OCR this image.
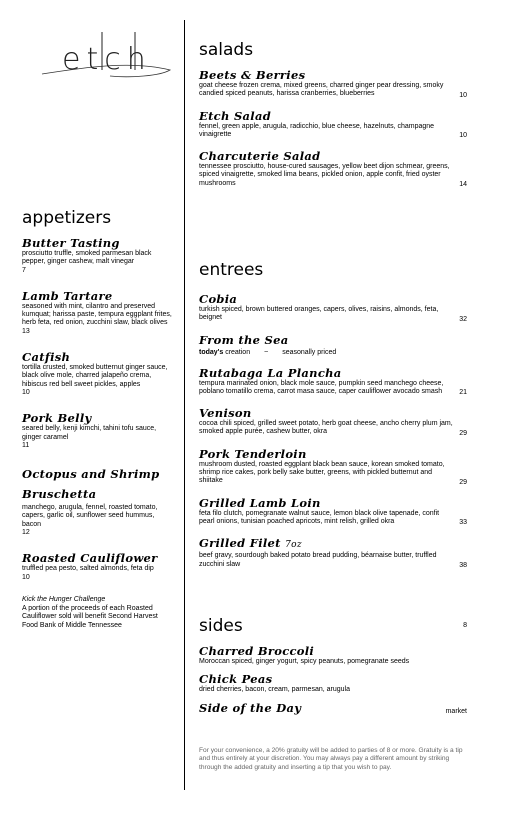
etch	salads

Beets & Berries

goat cheese frozen crema, mixed greens, charred ginger pear dressing, smoky candied spiced peanuts, harissa cranberries, blueberries	10

Etch Salad

fennel, green apple, arugula, radicchio, blue cheese, hazelnuts, champagne vinaigrette	10

Charcuterie Salad

tennessee prosciutto, house-cured sausages, yellow beet dijon schmear, greens, spiced vinaigrette, smoked lima beans, pickled onion, apple confit, fried oyster mushrooms	14
appetizers

Butter Tasting

prosciutto truffle, smoked parmesan black pepper, ginger cashew, malt vinegar

7

Lamb Tartare

seasoned with mint, cilantro and preserved kumquat; harissa paste, tempura eggplant frites, herb feta, red onion, zucchini slaw, black olives

13

Catfish

tortilla crusted, smoked butternut ginger sauce, black olive mole, charred jalapeño crema, hibiscus red bell sweet pickles, apples

10

Pork Belly

seared belly, kenji kimchi, tahini tofu sauce, ginger caramel

11

Octopus and Shrimp Bruschetta

manchego, arugula, fennel, roasted tomato, capers, garlic oil, sunflower seed hummus, bacon

12

Roasted Cauliflower

truffled pea pesto, salted almonds, feta dip

10

Kick the Hunger Challenge

A portion of the proceeds of each Roasted Cauliflower sold will benefit Second Harvest Food Bank of Middle Tennessee

entrees

Cobia

turkish spiced, brown buttered oranges, capers, olives, raisins, almonds, feta, beignet	32

From the Sea

today's creation ~ seasonally priced

Rutabaga La Plancha

tempura marinated onion, black mole sauce, pumpkin seed manchego cheese, poblano tomatillo crema, carrot masa sauce, caper cauliflower avocado smash	21

Venison

cocoa chili spiced, grilled sweet potato, herb goat cheese, ancho cherry plum jam, smoked apple purée, cashew butter, okra	29

Pork Tenderloin

mushroom dusted, roasted eggplant black bean sauce, korean smoked tomato, shrimp rice cakes, pork belly sake butter, greens, with pickled butternut and shiitake	29

Grilled Lamb Loin

feta filo clutch, pomegranate walnut sauce, lemon black olive tapenade, confit pearl onions, tunisian poached apricots, mint relish, grilled okra	33

Grilled Filet 7oz

beef gravy, sourdough baked potato bread pudding, béarnaise butter, truffled zucchini slaw	38
sides	8

Charred Broccoli

Moroccan spiced, ginger yogurt, spicy peanuts, pomegranate seeds

Chick Peas

dried cherries, bacon, cream, parmesan, arugula

Side of the Day	market

For your convenience, a 20% gratuity will be added to parties of 8 or more. Gratuity is a tip and thus entirely at your discretion. You may always pay a different amount by striking through the added gratuity and inserting a tip that you wish to pay.
